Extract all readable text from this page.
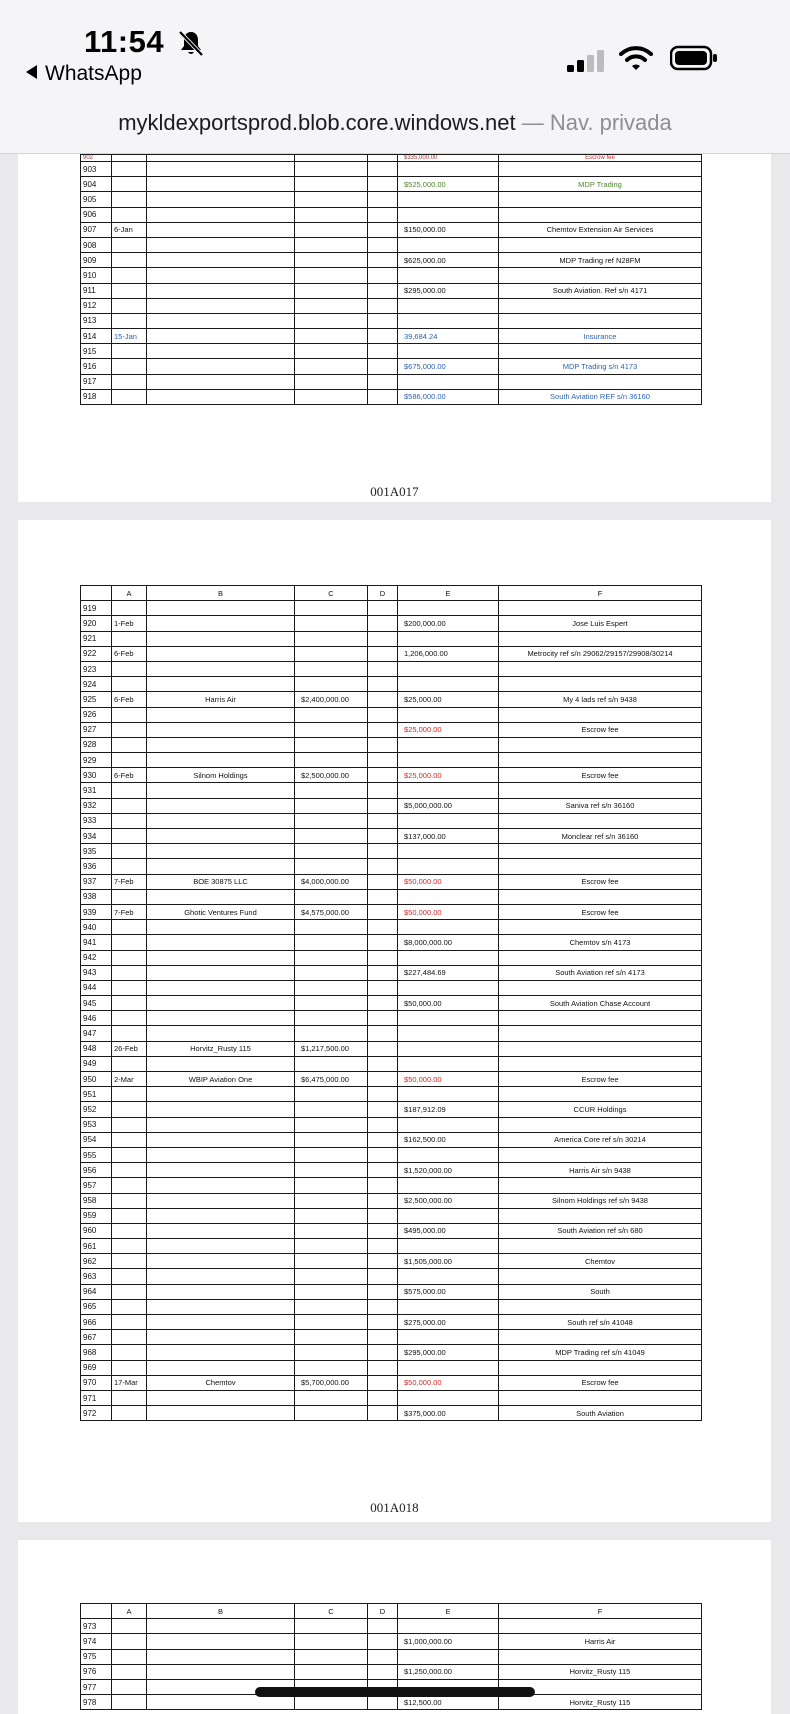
11:54
WhatsApp
mykldexportsprod.blob.core.windows.net — Nav. privada
902					$335,000.00	Escrow fee
903						
904					$525,000.00	MDP Trading
905						
906						
907	6-Jan				$150,000.00	Chemtov Extension Air Services
908						
909					$625,000.00	MDP Trading ref N28FM
910						
911					$295,000.00	South Aviation. Ref s/n 4171
912						
913						
914	15-Jan				39,684.24	Insurance
915						
916					$675,000.00	MDP Trading s/n 4173
917						
918					$586,000.00	South Aviation REF s/n 36160
001A017
	A	B	C	D	E	F
919						
920	1-Feb				$200,000.00	Jose Luis Espert
921						
922	6-Feb				1,206,000.00	Metrocity ref s/n 29062/29157/29908/30214
923						
924						
925	6-Feb	Harris Air	$2,400,000.00		$25,000.00	My 4 lads ref s/n 9438
926						
927					$25,000.00	Escrow fee
928						
929						
930	6-Feb	Silnom Holdings	$2,500,000.00		$25,000.00	Escrow fee
931						
932					$5,000,000.00	Saniva ref s/n 36160
933						
934					$137,000.00	Monclear ref s/n 36160
935						
936						
937	7-Feb	BOE 30875 LLC	$4,000,000.00		$50,000.00	Escrow fee
938						
939	7-Feb	Ghotic Ventures Fund	$4,575,000.00		$50,000.00	Escrow fee
940						
941					$8,000,000.00	Chemtov s/n 4173
942						
943					$227,484.69	South Aviation ref s/n 4173
944						
945					$50,000.00	South Aviation Chase Account
946						
947						
948	26-Feb	Horvitz_Rusty 115	$1,217,500.00			
949						
950	2-Mar	WBIP Aviation One	$6,475,000.00		$50,000.00	Escrow fee
951						
952					$187,912.09	CCUR Holdings
953						
954					$162,500.00	America Core ref s/n 30214
955						
956					$1,520,000.00	Harris Air s/n 9438
957						
958					$2,500,000.00	Silnom Holdings ref s/n 9438
959						
960					$495,000.00	South Aviation ref s/n 680
961						
962					$1,505,000.00	Chemtov
963						
964					$575,000.00	South
965						
966					$275,000.00	South ref s/n 41048
967						
968					$295,000.00	MDP Trading ref s/n 41049
969						
970	17-Mar	Chemtov	$5,700,000.00		$50,000.00	Escrow fee
971						
972					$375,000.00	South Aviation
001A018
	A	B	C	D	E	F
973						
974					$1,000,000.00	Harris Air
975						
976					$1,250,000.00	Horvitz_Rusty 115
977						
978					$12,500.00	Horvitz_Rusty 115
